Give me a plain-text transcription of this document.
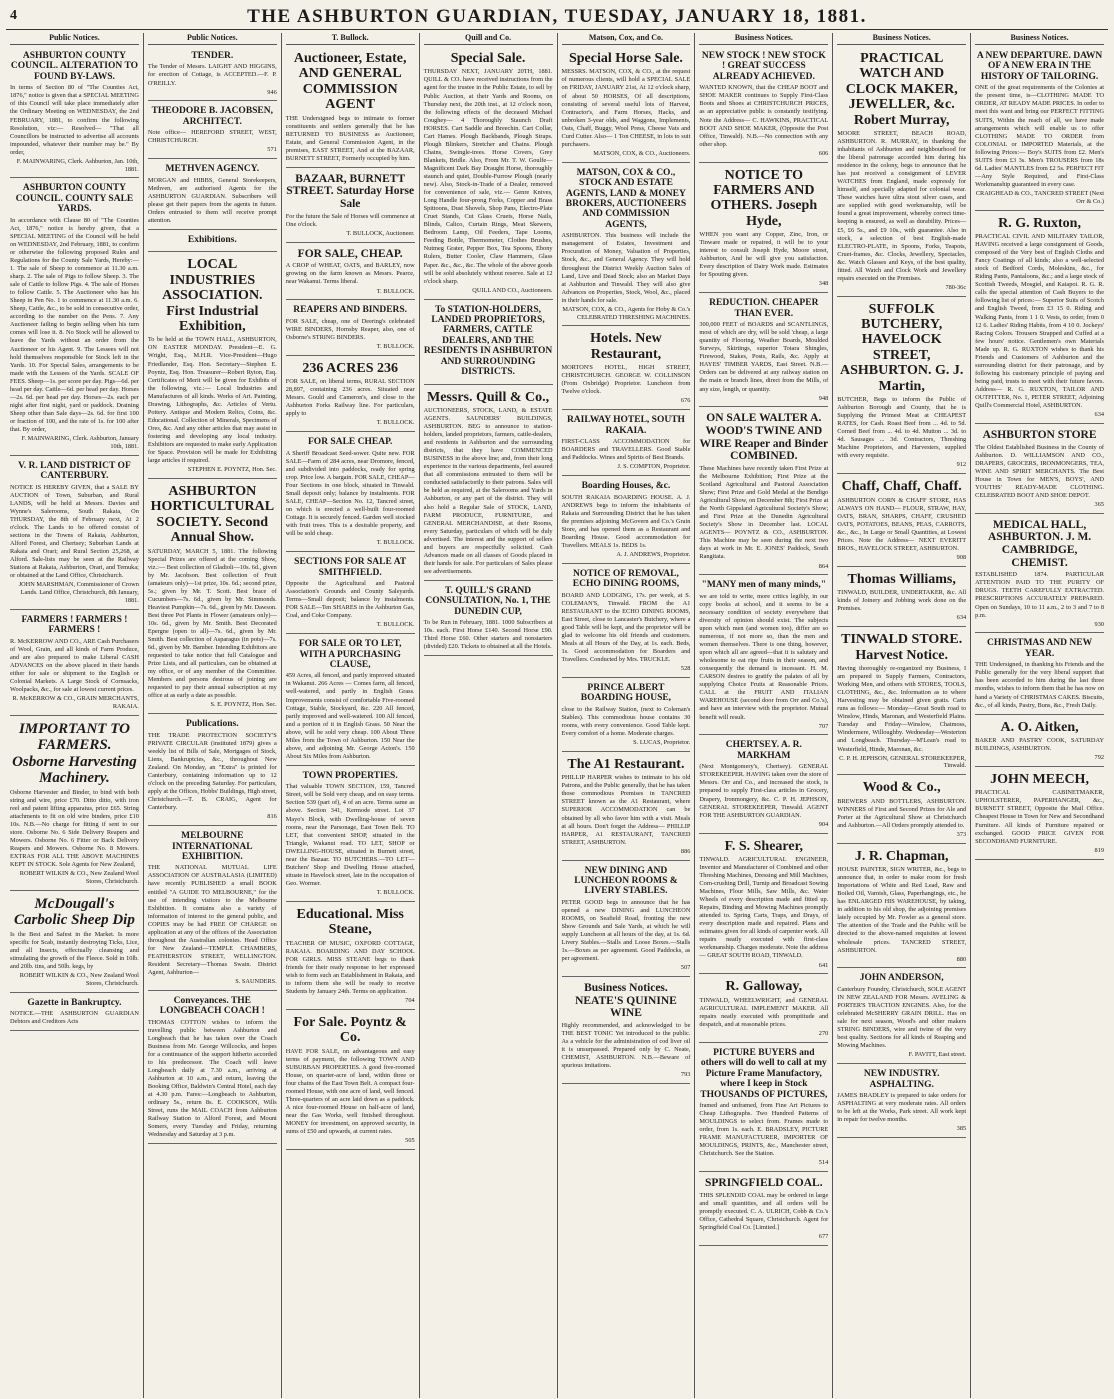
4	THE ASHBURTON GUARDIAN, TUESDAY, JANUARY 18, 1881.
Public Notices.
ASHBURTON COUNTY COUNCIL. ALTERATION TO FOUND BY-LAWS.
In terms of Section 80 of "The Counties Act, 1876," notice is given that a SPECIAL MEETING of this Council will take place immediately after the Ordinary Meeting on WEDNESDAY, the 2nd FEBRUARY, 1881, to confirm the following Resolution, viz:— Resolved— "That all Councillors be instructed to advertise all accounts impounded, whatever their number may be." By order,
F. MAINWARING, Clerk. Ashburton, Jan. 10th, 1881.
ASHBURTON COUNTY COUNCIL. COUNTY SALE YARDS.
In accordance with Clause 80 of "The Counties Act, 1876," notice is hereby given, that a SPECIAL MEETING of the Council will be held on WEDNESDAY, 2nd February, 1881, to confirm or otherwise the following proposed Rules and Regulations for the County Sale Yards, Hereby:— 1. The sale of Sheep to commence at 11.30 a.m. sharp. 2. The sale of Pigs to follow Sheep. 3. The sale of Cattle to follow Pigs. 4. The sale of Horses to follow Cattle. 5. The Auctioneer who has his Sheep in Pen No. 1 to commence at 11.30 a.m. 6. Sheep, Cattle, &c., to be sold in consecutive order, according to the number on the Pens. 7. Any Auctioneer failing to begin selling when his turn comes will lose it. 8. No Stock will be allowed to leave the Yards without an order from the Auctioneer or his Agent. 9. The Lessees will not hold themselves responsible for Stock left in the Yards. 10. For Special Sales, arrangements to be made with the Lessees of the Yards. SCALE OF FEES. Sheep—1s. per score per day. Pigs—6d. per head per day. Cattle—6d. per head per day. Horses—2s. 6d. per head per day. Horses—2s. each per night after first night, yard or paddock. Draining Sheep other than Sale days—2s. 6d. for first 100 or fraction of 100, and the rate of 1s. for 100 after that. By order,
F. MAINWARING, Clerk. Ashburton, January 10th, 1881.
V. R. LAND DISTRICT OF CANTERBURY.
NOTICE IS HEREBY GIVEN, that a SALE BY AUCTION of Town, Suburban, and Rural LANDS, will be held at Messrs. Davies and Wynne's Salerooms, South Rakaia, On THURSDAY, the 8th of February next, At 2 o'clock. The Lands to be offered consist of sections in the Towns of Rakaia, Ashburton, Alford Forest, and Chertsey; Suburban Lands at Rakaia and Orari; and Rural Section 25,268, at Alford. Sale-lists may be seen at the Railway Stations at Rakaia, Ashburton, Orari, and Temuka; or obtained at the Land Office, Christchurch.
JOHN MARSHMAN, Commissioner of Crown Lands. Land Office, Christchurch, 8th January, 1881.
FARMERS ! FARMERS ! FARMERS !
R. McKERROW AND CO., ARE Cash Purchasers of Wool, Grain, and all kinds of Farm Produce, and are also prepared to make Liberal CASH ADVANCES on the above placed in their hands either for sale or shipment to the English or Colonial Markets. A Large Stock of Cornsacks, Woolpacks, &c., for sale at lowest current prices.
R. McKERROW & CO., GRAIN MERCHANTS, RAKAIA.
IMPORTANT TO FARMERS. Osborne Harvesting Machinery.
Osborne Harvester and Binder, to bind with both string and wire, price £70. Ditto ditto, with iron reel and patent lifting apparatus, price £65. String attachments to fit on old wire binders, price £10 10s. N.B.—No charge for fitting if sent to our store. Osborne No. 6 Side Delivery Reapers and Mowers. Osborne No. 6 Fitter or Back Delivery Reapers and Mowers. Osborne No. 8 Mowers. EXTRAS FOR ALL THE ABOVE MACHINES KEPT IN STOCK. Sole Agents for New Zealand,
ROBERT WILKIN & CO., New Zealand Wool Stores, Christchurch.
McDougall's Carbolic Sheep Dip
Is the Best and Safest in the Market. Is more specific for Scab, instantly destroying Ticks, Lice, and all Insects, effectually cleansing and stimulating the growth of the Fleece. Sold in 10lb. and 20lb. tins, and 50lb. kegs, by
ROBERT WILKIN & CO., New Zealand Wool Stores, Christchurch.
Gazette in Bankruptcy.
NOTICE.—THE ASHBURTON GUARDIAN Debtors and Creditors Acts
Public Notices.
TENDER.
The Tender of Messrs. LAIGHT AND HIGGINS, for erection of Cottage, is ACCEPTED.—F. P. O'REILLY.
946
THEODORE B. JACOBSEN, ARCHITECT.
Note office— HEREFORD STREET, WEST, CHRISTCHURCH.
571
METHVEN AGENCY.
MORGAN and HIBBS, General Storekeepers, Methven, are authorised Agents for the ASHBURTON GUARDIAN. Subscribers will please get their papers from the agents in future. Orders entrusted to them will receive prompt attention.
Exhibitions.
LOCAL INDUSTRIES ASSOCIATION. First Industrial Exhibition,
To be held at the TOWN HALL, ASHBURTON, ON EASTER MONDAY. President—E. G. Wright, Esq., M.H.R. Vice-President—Hugo Friedlander, Esq. Hon. Secretary—Stephen E. Poyntz, Esq. Hon. Treasurer—Robert Ryton, Esq. Certificates of Merit will be given for Exhibits of the following, viz.:— Local Industries and Manufactures of all kinds. Works of Art. Painting, Drawing, Lithographs, &c. Articles of Vertu. Pottery. Antique and Modern Relics, Coins, &c. Educational. Collection of Minerals, Specimens of Ores, &c. And any other articles that may assist in fostering and developing any local industry. Exhibitors are requested to make early Application for Space. Provision will be made for Exhibiting large articles if required.
STEPHEN E. POYNTZ, Hon. Sec.
ASHBURTON HORTICULTURAL SOCIETY. Second Annual Show.
SATURDAY, MARCH 5, 1881. The following Special Prizes are offered at the coming Show, viz.:— Best collection of Gladioli—10s. 6d., given by Mr. Jacobson. Best collection of Fruit (amateurs only)—1st prize, 10s. 6d.; second prize, 5s.; given by Mr. T. Scott. Best brace of Cucumbers—7s. 6d., given by Mr. Simmonds. Heaviest Pumpkin—7s. 6d., given by Mr. Dawson. Best three Pot Plants in Flower (amateurs only)—10s. 6d., given by Mr. Smith. Best Decorated Epergne (open to all)—7s. 6d., given by Mr. Smith. Best collection of Asparagus (in pots)—7s. 6d., given by Mr. Bamber. Intending Exhibitors are requested to take notice that full Catalogue and Prize Lists, and all particulars, can be obtained at my office, or of any member of the Committee. Members and persons desirous of joining are requested to pay their annual subscription at my office at as early a date as possible.
S. E. POYNTZ, Hon. Sec.
Publications.
THE TRADE PROTECTION SOCIETY'S PRIVATE CIRCULAR (instituted 1879) gives a weekly list of Bills of Sale, Mortgages of Stock, Liens, Bankruptcies, &c., throughout New Zealand. On Monday, an "Extra" is printed for Canterbury, containing information up to 12 o'clock on the preceding Saturday. For particulars, apply at the Offices, Hobbs' Buildings, High street, Christchurch.—T. B. CRAIG, Agent for Canterbury.
816
MELBOURNE INTERNATIONAL EXHIBITION.
THE NATIONAL MUTUAL LIFE ASSOCIATION OF AUSTRALASIA (LIMITED) have recently PUBLISHED a small BOOK entitled "A GUIDE TO MELBOURNE," for the use of intending visitors to the Melbourne Exhibition. It contains also a variety of information of interest to the general public, and COPIES may be had FREE OF CHARGE on application at any of the offices of the Association throughout the Australian colonies. Head Office for New Zealand—TEMPLE CHAMBERS, FEATHERSTON STREET, WELLINGTON. Resident Secretary—Thomas Swain. District Agent, Ashburton—
S. SAUNDERS.
Conveyances. THE LONGBEACH COACH !
THOMAS COTTON wishes to inform the travelling public between Ashburton and Longbeach that he has taken over the Coach Business from Mr. George Willcocks, and hopes for a continuance of the support hitherto accorded to his predecessor. The Coach will leave Longbeach daily at 7.30 a.m., arriving at Ashburton at 10 a.m., and return, leaving the Booking Office, Baldwin's Central Hotel, each day at 4.30 p.m. Fares:—Longbeach to Ashburton, ordinary 5s., return 8s. E. COOKSON, Wills Street, runs the MAIL COACH from Ashburton Railway Station to Alford Forest, and Mount Somers, every Tuesday and Friday, returning Wednesday and Saturday at 3 p.m.
T. Bullock.
Auctioneer, Estate, AND GENERAL COMMISSION AGENT
THE Undersigned begs to intimate to former constituents and settlers generally that he has RETURNED TO BUSINESS as Auctioneer, Estate, and General Commission Agent, in the premises, EAST STREET, And at the BAZAAR, BURNETT STREET, Formerly occupied by him.
BAZAAR, BURNETT STREET. Saturday Horse Sale
For the future the Sale of Horses will commence at One o'clock.
T. BULLOCK, Auctioneer.
FOR SALE, CHEAP.
A CROP of WHEAT, OATS, and BARLEY, now growing on the farm known as Messrs. Pearce, near Wakanui. Terms liberal.
T. BULLOCK.
REAPERS AND BINDERS.
FOR SALE, cheap, one of Deering's celebrated WIRE BINDERS, Hornsby Reaper, also, one of Osborne's STRING BINDERS.
T. BULLOCK.
236 ACRES 236
FOR SALE, on liberal terms, RURAL SECTION 28,897, containing 236 acres. Situated near Messrs. Gould and Cameron's, and close to the Ashburton Forks Railway line. For particulars, apply to
T. BULLOCK.
FOR SALE CHEAP.
A Sheriff Broadcast Seed-sower. Quite new. FOR SALE—Farm of 284 acres, near Dromore, fenced, and subdivided into paddocks, ready for spring crop. Price low. A bargain. FOR SALE, CHEAP—Four Sections in one block, situated in Tinwald. Small deposit only; balance by instalments. FOR SALE, CHEAP—Section No. 12, Tancred street, on which is erected a well-built four-roomed Cottage. It is securely fenced. Garden well stocked with fruit trees. This is a desirable property, and will be sold cheap.
T. BULLOCK.
SECTIONS FOR SALE AT SMITHFIELD.
Opposite the Agricultural and Pastoral Association's Grounds and County Saleyards. Terms—Small deposit; balance by instalments. FOR SALE—Ten SHARES in the Ashburton Gas, Coal, and Coke Company.
T. BULLOCK.
FOR SALE OR TO LET, WITH A PURCHASING CLAUSE,
459 Acres, all fenced, and partly improved situated in Wakanui. 266 Acres — Comes farm, all fenced, well-watered, and partly in English Grass. Improvements consist of comfortable Five-roomed Cottage, Stable, Stockyard, &c. 220 All fenced, partly improved and well-watered. 100 All fenced, and a portion of it in English Grass. 50 Near the above, will be sold very cheap. 100 About Three Miles from the Town of Ashburton. 150 Near the above, and adjoining Mr. George Acton's. 150 About Six Miles from Ashburton.
TOWN PROPERTIES.
That valuable TOWN SECTION, 159, Tancred Street, will be Sold very cheap, and on easy terms. Section 539 (part of), 4 of an acre. Terms same as above. Section 341, Kermode street. Lot 37 Mayo's Block, with Dwelling-house of seven rooms, near the Parsonage, East Town Belt. TO LET, that convenient SHOP, situated in the Triangle, Wakanui road. TO LET, SHOP or DWELLING-HOUSE, situated in Burnett street, near the Bazaar. TO BUTCHERS.—TO LET—Butchers' Shop and Dwelling House attached, situate in Havelock street, late in the occupation of Geo. Wormer.
T. BULLOCK.
Educational. Miss Steane,
TEACHER OF MUSIC, OXFORD COTTAGE, RAKAIA. BOARDING AND DAY SCHOOL FOR GIRLS. MISS STEANE begs to thank friends for their ready response to her expressed wish to form such an Establishment in Rakaia, and to inform them she will be ready to receive Students by January 24th. Terms on application.
704
For Sale. Poyntz & Co.
HAVE FOR SALE, on advantageous and easy terms of payment, the following TOWN AND SUBURBAN PROPERTIES. A good five-roomed House, on quarter-acre of land, within three or four chains of the East Town Belt. A compact four-roomed House, with one acre of land, well fenced. Three-quarters of an acre laid down as a paddock. A nice four-roomed House on half-acre of land, near the Gas Works, well finished throughout. MONEY for investment, on approved security, in sums of £50 and upwards, at current rates.
505
Quill and Co.
Special Sale.
THURSDAY NEXT, JANUARY 20TH, 1881. QUILL & CO. have received instructions from the agent for the trustee in the Public Estate, to sell by Public Auction, at their Yards and Rooms, on Thursday next, the 20th inst., at 12 o'clock noon, the following effects of the deceased Michael Coughey— 4 Thoroughly Staunch Draft HORSES. Cart Saddle and Breechin. Cart Collar, Cart Hames. Plough Backbands, Plough Straps. Plough Blinkers, Stretcher and Chains. Plough Chains, Swingle-trees. Horse Covers, Grey Blankets, Bridle. Also, From Mr. T. W. Goulfe— Magnificent Dark Bay Draught Horse, thoroughly staunch and quiet, Double-Furrow Plough (nearly new). Also, Stock-in-Trade of a Dealer, removed for convenience of sale, viz.— Genre Knives, Long Handle four-prong Forks, Copper and Brass Spittoons, Dust Shovels, Shop Pans, Electro-Plate Cruet Stands, Cut Glass Cruets, Horse Nails, Blinds, Calico, Curtain Rings, Meat Skewers, Bedroom Lamp, Oil Feeders, Tape Looms, Feeding Bottle, Thermometer, Clothes Brushes, Nutmeg Grater, Pepper Box, Tea Spoons, Ebony Rulers, Butter Cooler, Claw Hammers, Glass Paper. &c., &c., &c. The whole of the above goods will be sold absolutely without reserve. Sale at 12 o'clock sharp.
QUILL AND CO., Auctioneers.
To STATION-HOLDERS, LANDED PROPRIETORS, FARMERS, CATTLE DEALERS, AND THE RESIDENTS IN ASHBURTON AND SURROUNDING DISTRICTS.
Messrs. Quill & Co.,
AUCTIONEERS, STOCK, LAND, & ESTATE AGENTS. SAUNDERS' BUILDINGS, ASHBURTON. BEG to announce to station-holders, landed proprietors, farmers, cattle-dealers, and residents in Ashburton and the surrounding districts, that they have COMMENCED BUSINESS in the above line; and, from their long experience in the various departments, feel assured that all commissions entrusted to them will be conducted satisfactorily to their patrons. Sales will be held as required, at the Salerooms and Yards in Ashburton, or any part of the district. They will also hold a Regular Sale of STOCK, LAND, FARM PRODUCE, FURNITURE, and GENERAL MERCHANDISE, at their Rooms, every Saturday, particulars of which will be duly advertised. The interest and the support of sellers and buyers are respectfully solicited. Cash Advances made on all classes of Goods placed in their hands for sale. For particulars of Sales please see advertisements.
T. QUILL'S GRAND CONSULTATION, No. 1, THE DUNEDIN CUP,
To be Run in February, 1881. 1000 Subscribers at 10s. each. First Horse £140. Second Horse £90. Third Horse £60. Other starters and nonstarters (divided) £20. Tickets to obtained at all the Hotels.
Matson, Cox, and Co.
Special Horse Sale.
MESSRS. MATSON, COX, & CO., at the request of numerous clients, will hold a SPECIAL SALE on FRIDAY, JANUARY 21st, At 12 o'clock sharp, of about 50 HORSES, Of all descriptions, consisting of several useful lots of Harvest, Contractor's, and Farm Horses, Hacks, and unbroken 3-year olds, and Waggons, Implements, Oats, Chaff, Buggy, Wool Press, Cheese Vats and Curd Cutter. Also— 1 Ton CHEESE, in lots to suit purchasers.
MATSON, COX, & CO., Auctioneers.
MATSON, COX & CO., STOCK AND ESTATE AGENTS, LAND & MONEY BROKERS, AUCTIONEERS AND COMMISSION AGENTS,
ASHBURTON. This business will include the management of Estates, Investment and Procuration of Money, Valuation of Properties, Stock, &c., and General Agency. They will hold throughout the District Weekly Auction Sales of Land, Live and Dead Stock; also an Market Days at Ashburton and Tinwald. They will also give Advances on Properties, Stock, Wool, &c., placed in their hands for sale.
MATSON, COX, & CO., Agents for Hoby & Co.'s CELEBRATED THRESHING MACHINES.
Hotels. New Restaurant,
MORTON'S HOTEL, HIGH STREET, CHRISTCHURCH. GEORGE W. COLLINSON (From Oxbridge) Proprietor. Luncheon from Twelve o'clock.
676
RAILWAY HOTEL, SOUTH RAKAIA.
FIRST-CLASS ACCOMMODATION for BOARDERS and TRAVELLERS. Good Stable and Paddocks. Wines and Spirits of Best Brands.
J. S. COMPTON, Proprietor.
Boarding Houses, &c.
SOUTH RAKAIA BOARDING HOUSE. A. J. ANDREWS begs to inform the inhabitants of Rakaia and Surrounding District that he has taken the premises adjoining McGovern and Co.'s Grain Store, and has opened them as a Restaurant and Boarding House. Good accommodation for Travellers. MEALS 1s. BEDS 1s.
A. J. ANDREWS, Proprietor.
NOTICE OF REMOVAL, ECHO DINING ROOMS,
BOARD AND LODGING, 17s. per week, at S. COLEMAN'S, Tinwald. FROM the A1 RESTAURANT to the ECHO DINING ROOMS, East Street, close to Lancaster's Butchery, where a good Table will be kept, and the proprietor will be glad to welcome his old friends and customers. Meals at all Hours of the Day, at 1s. each. Beds, 1s. Good accommodation for Boarders and Travellers. Conducted by Mrs. TRUCKLE.
528
PRINCE ALBERT BOARDING HOUSE,
close to the Railway Station, (next to Coleman's Stables). This commodious house contains 30 rooms, with every convenience. Good Table kept. Every comfort of a home. Moderate charges.
S. LUCAS, Proprietor.
The A1 Restaurant.
PHILLIP HARPER wishes to intimate to his old Patrons, and the Public generally, that he has taken those commodious Premises in TANCRED STREET known as the A1 Restaurant, where SUPERIOR ACCOMMODATION can be obtained by all who favor him with a visit. Meals at all hours. Don't forget the Address— PHILLIP HARPER, A1 RESTAURANT, TANCRED STREET, ASHBURTON.
886
NEW DINING AND LUNCHEON ROOMS & LIVERY STABLES.
PETER GOOD begs to announce that he has opened a new DINING and LUNCHEON ROOMS, on Seafield Road, fronting the new Show Grounds and Sale Yards, at which he will supply Luncheon at all hours of the day, at 1s. 6d. Livery Stables.—Stalls and Loose Boxes.—Stalls 1s.—Boxes as per agreement. Good Paddocks, as per agreement.
507
Business Notices. NEATE'S QUININE WINE
Highly recommended, and acknowledged to be THE BEST TONIC Yet introduced to the public. As a vehicle for the administration of cod liver oil it is unsurpassed. Prepared only by C. Neate, CHEMIST, ASHBURTON. N.B.—Beware of spurious imitations.
793
Business Notices.
NEW STOCK ! NEW STOCK ! GREAT SUCCESS ALREADY ACHIEVED.
WANTED KNOWN, that the CHEAP BOOT and SHOE MAKER continues to Supply First-Class Boots and Shoes at CHRISTCHURCH PRICES, as an appreciative public is constantly testifying. Note the Address— C. HAWKINS, PRACTICAL BOOT AND SHOE MAKER, (Opposite the Post Office, Tinwald). N.B.—No connection with any other shop.
606
NOTICE TO FARMERS AND OTHERS. Joseph Hyde,
WHEN you want any Copper, Zinc, Iron, or Tinware made or repaired, it will be to your interest to consult Joseph Hyde, Moore street, Ashburton, And he will give you satisfaction. Every description of Dairy Work made. Estimates for Spouting given.
348
REDUCTION. CHEAPER THAN EVER.
300,000 FEET of BOARDS and SCANTLINGS, most of which are dry, will be sold 'cheap, a large quantity of Flooring, Weather Boards, Moulded Surveys, Skirtings, superior Totara Shingles, Firewood, Stakes, Posts, Rails, &c. Apply at HAYES' TIMBER YARDS, East Street. N.B.—Orders can be delivered at any railway station on the main or branch lines, direct from the Mills, of any size, length, or quantity.
948
ON SALE WALTER A. WOOD'S TWINE AND WIRE Reaper and Binder COMBINED.
These Machines have recently taken First Prize at the Melbourne Exhibition; First Prize at the Scotland Agricultural and Pastoral Association Show; First Prize and Gold Medal at the Bendigo Agricultural Show, on December 8th; First Prize at the North Gippsland Agricultural Society's Show; and First Prize at the Dunedin Agricultural Society's Show in December last. LOCAL AGENTS— POYNTZ & CO., ASHBURTON. This Machine may be seen during the next two days at work in Mr. E. JONES' Paddock, South Rangitata.
864
"MANY men of many minds,"
we are told to write, more critics legibly, in our copy books at school, and it seems to be a necessary condition of society everywhere that diversity of opinion should exist. The subjects upon which men (and women too), differ are so numerous, if not more so, than the men and women themselves. There is one thing, however, upon which all are agreed—that it is salutary and wholesome to eat ripe fruits in their season, and consequently the demand is incessant. H. M. CARSON desires to gratify the palates of all by supplying Choice Fruits at Reasonable Prices. CALL at the FRUIT AND ITALIAN WAREHOUSE (second door from Orr and Co.'s), and have an interview with the proprietor. Mutual benefit will result.
707
CHERTSEY. A. R. MARKHAM
(Next Montgomery's, Chertsey). GENERAL STOREKEEPER. HAVING taken over the store of Messrs. Orr and Co., and increased the stock, is prepared to supply First-class articles in Grocery, Drapery, Ironmongery, &c. C. P. H. JEPHSON, GENERAL STOREKEEPER, Tinwald. AGENT FOR THE ASHBURTON GUARDIAN.
904
F. S. Shearer,
TINWALD. AGRICULTURAL ENGINEER, Inventor and Manufacturer of Combined and other Threshing Machines, Dressing and Mill Machines, Corn-crushing Drill, Turnip and Broadcast Sowing Machines, Flour Mills, Saw Mills, &c. Water Wheels of every description made and fitted up. Repairs, Binding and Mowing Machines promptly attended to. Spring Carts, Traps, and Drays, of every description made and repaired. Plans and estimates given for all kinds of carpenter work. All repairs neatly executed with first-class workmanship. Charges moderate. Note the address— GREAT SOUTH ROAD, TINWALD.
641
R. Galloway,
TINWALD, WHEELWRIGHT, and GENERAL AGRICULTURAL IMPLEMENT MAKER. All repairs neatly executed with promptitude and despatch, and at reasonable prices.
270
PICTURE BUYERS and others will do well to call at my Picture Frame Manufactory, where I keep in Stock THOUSANDS OF PICTURES,
framed and unframed, from Fine Art Pictures to Cheap Lithographs. Two Hundred Patterns of MOULDINGS to select from. Frames made to order, from 1s. each. E. BRADSLEY, PICTURE FRAME MANUFACTURER, IMPORTER OF MOULDINGS, PRINTS, &c., Manchester street, Christchurch. See the Station.
514
SPRINGFIELD COAL.
THIS SPLENDID COAL may be ordered in large and small quantities, and all orders will be promptly executed. C. A. ULRICH, Cobb & Co.'s Office, Cathedral Square, Christchurch. Agent for Springfield Coal Co. [Limited.]
677
Business Notices.
PRACTICAL WATCH AND CLOCK MAKER, JEWELLER, &c. Robert Murray,
MOORE STREET, BEACH ROAD, ASHBURTON. R. MURRAY, in thanking the inhabitants of Ashburton and neighbourhood for the liberal patronage accorded him during his residence in the colony, begs to announce that he has just received a consignment of LEVER WATCHES from England, made expressly for himself, and specially adapted for colonial wear. These watches have ultra stout silver cases, and are supplied with good workmanship, will be found a great improvement, whereby correct time-keeping is ensured, as well as durability. Prices—£5, £6 5s., and £9 10s., with guarantee. Also in stock, a selection of best English-made ELECTRO-PLATE, in Spoons, Forks, Teapots, Cruet-frames, &c. Clocks, Jewellery, Spectacles, &c. Watch Glasses and Keys, of the best quality, fitted. All Watch and Clock Work and Jewellery repairs executed on the Premises.
780-36c
SUFFOLK BUTCHERY, HAVELOCK STREET, ASHBURTON. G. J. Martin,
BUTCHER, Begs to inform the Public of Ashburton Borough and County, that he is Supplying the Primest Meat at CHEAPEST RATES, for Cash. Roast Beef from ... 4d. to 5d. Corned Beef from ... 4d. to 4d. Mutton ... 3d. to 4d. Sausages ... 3d. Contractors, Threshing Machine Proprietors, and Harvesters, supplied with every requisite.
912
Chaff, Chaff, Chaff.
ASHBURTON CORN & CHAFF STORE, HAS ALWAYS ON HAND— FLOUR, STRAW, HAY, OATS, BRAN, SHARPS, CHAFF, CRUSHED OATS, POTATOES, BEANS, PEAS, CARROTS, &c., &c., In Large or Small Quantities, at Lowest Prices. Note the Address— NEXT EVERITT BROS., HAVELOCK STREET, ASHBURTON.
908
Thomas Williams,
TINWALD, BUILDER, UNDERTAKER, &c. All kinds of Joinery and Jobbing work done on the Premises.
634
TINWALD STORE. Harvest Notice.
Having thoroughly re-organized my Business, I am prepared to Supply Farmers, Contractors, Working Men, and others with STORES, TOOLS, CLOTHING, &c., &c. Information as to where Harvesting may be obtained given gratis. Carts runs as follows:— Monday—Great South road to Winslow, Hinds, Maronan, and Westerfield Plains. Tuesday and Friday—Winslow, Chatmoss, Windermere, Willoughby. Wednesday—Westerton and Longbeach. Thursday—M'Lean's road to Westerfield, Hinde, Maronan, &c.
C. P. H. JEPHSON, GENERAL STOREKEEPER, Tinwald.
Wood & Co.,
BREWERS AND BOTTLERS, ASHBURTON. WINNERS of First and Second Prizes for Ale and Porter at the Agricultural Show at Christchurch and Ashburton.—All Orders promptly attended to.
373
J. R. Chapman,
HOUSE PAINTER, SIGN WRITER, &c., begs to announce that, in order to make room for fresh Importations of White and Red Lead, Raw and Boiled Oil, Varnish, Glass, Paperhangings, etc., he has ENLARGED HIS WAREHOUSE, by taking, in addition to his old shop, the adjoining premises lately occupied by Mr. Fowler as a general store. The attention of the Trade and the Public will be directed to the above-named requisites at lowest wholesale prices. TANCRED STREET, ASHBURTON.
880
JOHN ANDERSON,
Canterbury Foundry, Christchurch, SOLE AGENT IN NEW ZEALAND FOR Messrs. AVELING & PORTER'S TRACTION ENGINES. Also, for the celebrated McSHERRY GRAIN DRILL. Has on sale for next season, Wood's and other makers STRING BINDERS, wire and twine of the very best quality. Sections for all kinds of Reaping and Mowing Machines.
F. PAVITT, East street.
NEW INDUSTRY. ASPHALTING.
JAMES BRADLEY is prepared to take orders for ASPHALTING at very moderate rates. All orders to be left at the Works, Park street. All work kept in repair for twelve months.
385
Business Notices.
A NEW DEPARTURE. DAWN OF A NEW ERA IN THE HISTORY OF TAILORING.
ONE of the great requirements of the Colonies at the present time, is—CLOTHING MADE TO ORDER, AT READY MADE PRICES. In order to meet this want and bring our PERFECT FITTING SUITS, Within the reach of all, we have made arrangements which will enable us to offer CLOTHING MADE TO ORDER from COLONIAL or IMPORTED Materials, at the following Prices:— Boy's SUITS from £2. Men's SUITS from £3 3s. Men's TROUSERS from 18s 6d. Ladies' MANTLES from £2 5s. PERFECT FIT—Any Style Required, and First-Class Workmanship guaranteed in every case.
CRAIGHEAD & CO., TANCRED STREET (Next Orr & Co.)
R. G. Ruxton,
PRACTICAL CIVIL AND MILITARY TAILOR, HAVING received a large consignment of Goods, composed of the Very best of English Cloths and Fancy Coatings of all kinds; also a well-selected stock of Bedford Cords, Moleskins, &c., for Riding Pants, Pantaloons, &c.; and a large stock of Scottish Tweeds, Mosgiel, and Kaiapoi. R. G. R. calls the special attention of Cash Buyers to the following list of prices:— Superior Suits of Scotch and English Tweed, from £3 15 0. Riding and Walking Pants, from 1 1 0. Vests, to order, from 0 12 6. Ladies' Riding Habits, from 4 10 0. Jockeys' Racing Colors. Trousers Strapped and Cuffed at a few hours' notice. Gentlemen's own Materials Made up. R. G. RUXTON wishes to thank his Friends and Customers of Ashburton and the surrounding district for their patronage, and by following his customary principle of paying and being paid, trusts to meet with their future favors. Address— R. G. RUXTON, TAILOR AND OUTFITTER, No. 1, PETER STREET, Adjoining Quill's Commercial Hotel, ASHBURTON.
634
ASHBURTON STORE
The Oldest Established Business in the County of Ashburton. D. WILLIAMSON AND CO., DRAPERS, GROCERS, IRONMONGERS, TEA, WINE AND SPIRIT MERCHANTS. The Best House in Town for MEN'S, BOYS', AND YOUTHS' READY-MADE CLOTHING. CELEBRATED BOOT AND SHOE DEPOT.
365
MEDICAL HALL, ASHBURTON. J. M. CAMBRIDGE, CHEMIST.
ESTABLISHED 1874. PARTICULAR ATTENTION PAID TO THE PURITY OF DRUGS. TEETH CAREFULLY EXTRACTED. PRESCRIPTIONS ACCURATELY PREPARED. Open on Sundays, 10 to 11 a.m., 2 to 3 and 7 to 8 p.m.
930
CHRISTMAS AND NEW YEAR.
THE Undersigned, in thanking his Friends and the Public generally for the very liberal support that has been accorded to him during the last three months, wishes to inform them that he has now on hand a Variety of CHRISTMAS CAKES. Biscuits, &c., of all kinds, Pastry, Buns, &c., Fresh Daily.
A. O. Aitken,
BAKER AND PASTRY COOK, SATURDAY BUILDINGS, ASHBURTON.
792
JOHN MEECH,
PRACTICAL CABINETMAKER, UPHOLSTERER, PAPERHANGER, &c., BURNETT STREET, Opposite the Mail Office. Cheapest House in Town for New and Secondhand Furniture. All kinds of Furniture repaired or exchanged. GOOD PRICE GIVEN FOR SECONDHAND FURNITURE.
819
